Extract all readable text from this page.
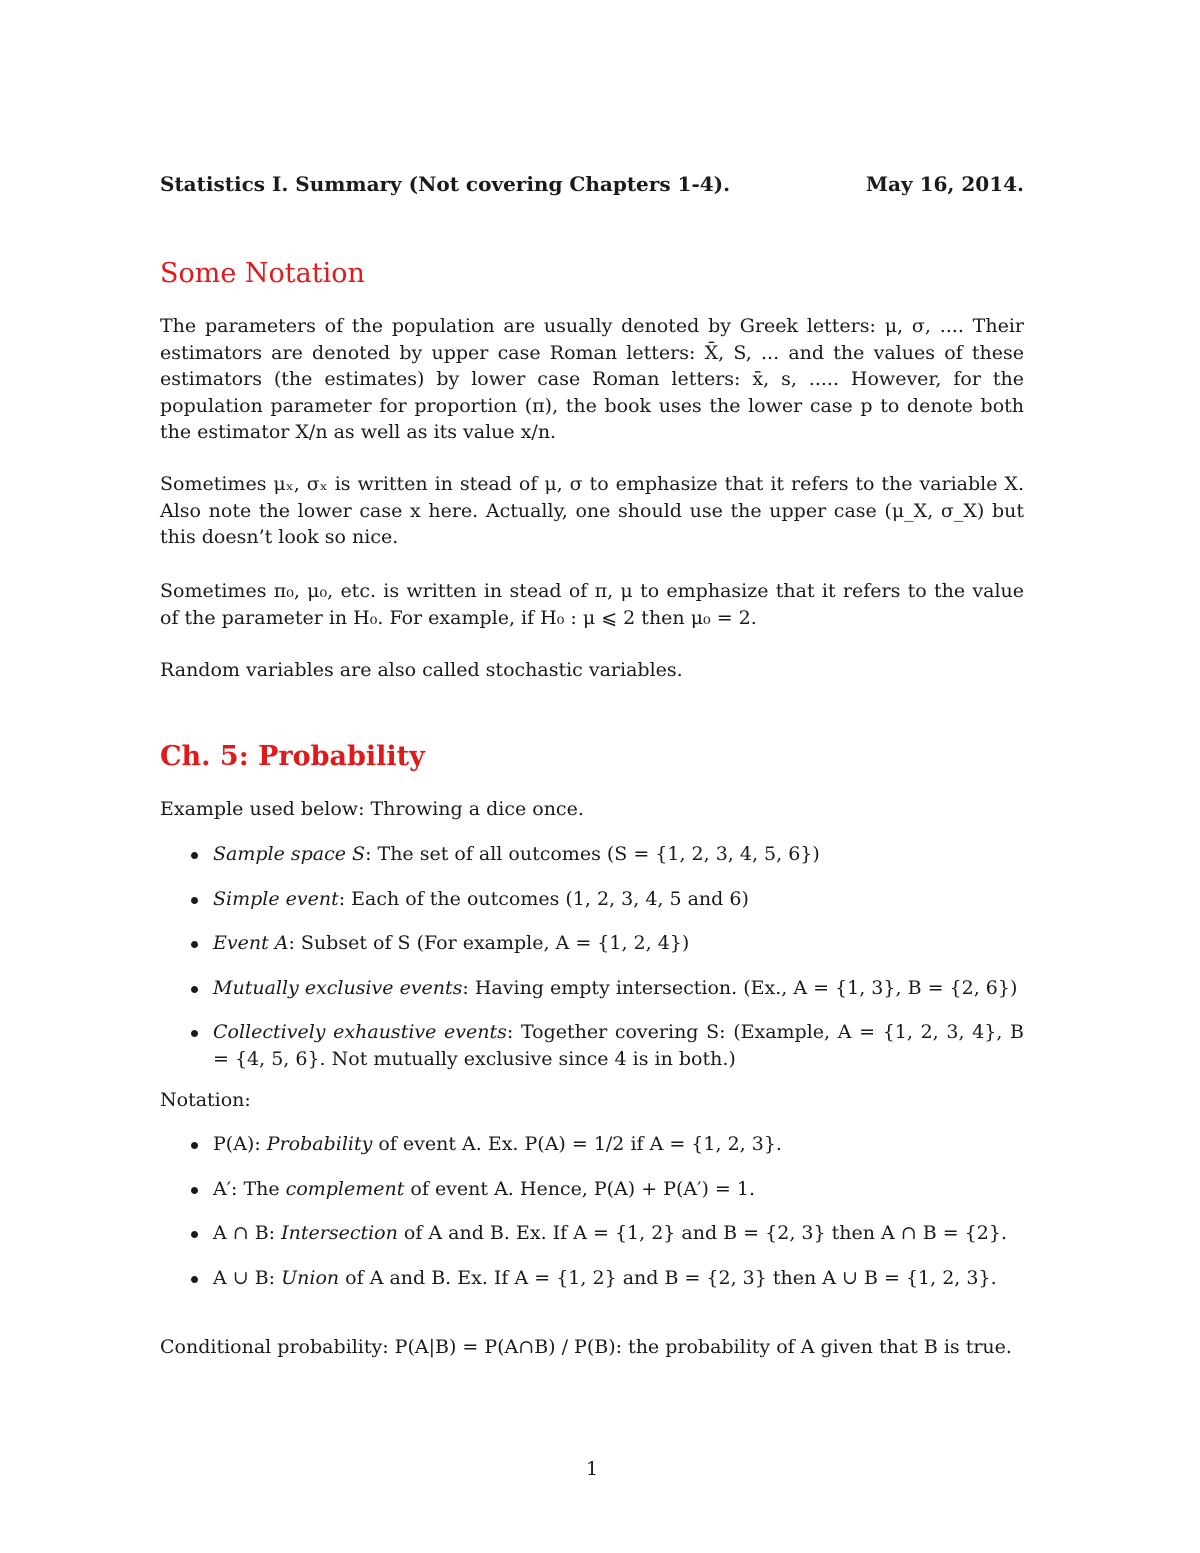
Statistics I. Summary (Not covering Chapters 1-4).	May 16, 2014.
Some Notation

The parameters of the population are usually denoted by Greek letters: μ, σ, .... Their estimators are denoted by upper case Roman letters: X̄, S, ... and the values of these estimators (the estimates) by lower case Roman letters: x̄, s, ..... However, for the population parameter for proportion (π), the book uses the lower case p to denote both the estimator X/n as well as its value x/n.

Sometimes μₓ, σₓ is written in stead of μ, σ to emphasize that it refers to the variable X. Also note the lower case x here. Actually, one should use the upper case (μ_X, σ_X) but this doesn’t look so nice.

Sometimes π₀, μ₀, etc. is written in stead of π, μ to emphasize that it refers to the value of the parameter in H₀. For example, if H₀ : μ ⩽ 2 then μ₀ = 2.

Random variables are also called stochastic variables.

Ch. 5: Probability

Example used below: Throwing a dice once.

Sample space S: The set of all outcomes (S = {1, 2, 3, 4, 5, 6})
Simple event: Each of the outcomes (1, 2, 3, 4, 5 and 6)
Event A: Subset of S (For example, A = {1, 2, 4})
Mutually exclusive events: Having empty intersection. (Ex., A = {1, 3}, B = {2, 6})
Collectively exhaustive events: Together covering S: (Example, A = {1, 2, 3, 4}, B = {4, 5, 6}. Not mutually exclusive since 4 is in both.)

Notation:

P(A): Probability of event A. Ex. P(A) = 1/2 if A = {1, 2, 3}.
A′: The complement of event A. Hence, P(A) + P(A′) = 1.
A ∩ B: Intersection of A and B. Ex. If A = {1, 2} and B = {2, 3} then A ∩ B = {2}.
A ∪ B: Union of A and B. Ex. If A = {1, 2} and B = {2, 3} then A ∪ B = {1, 2, 3}.

Conditional probability: P(A|B) = P(A∩B) / P(B): the probability of A given that B is true.

1
